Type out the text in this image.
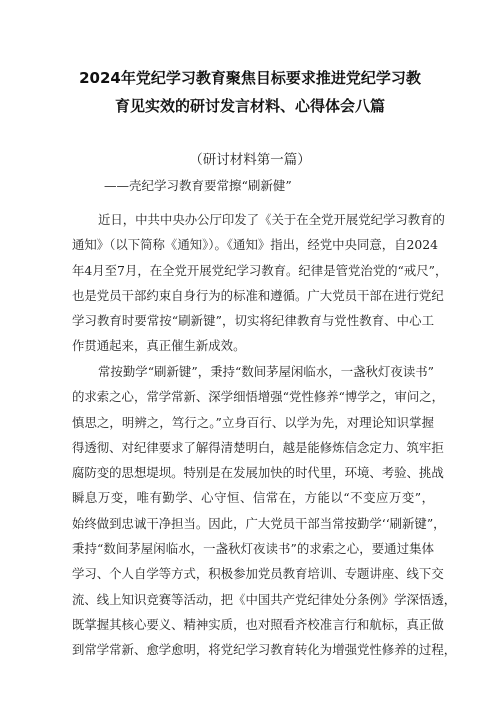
2024年党纪学习教育聚焦目标要求推进党纪学习教
育见实效的研讨发言材料、心得体会八篇
（研讨材料第一篇）
——壳纪学习教育要常擦“刷新健”
近日，中共中央办公厅印发了《关于在全党开展党纪学习教育的
通知》（以下简称《通知》）。《通知》指出，经党中央同意，自2024
年4月至7月，在全党开展党纪学习教育。纪律是管党治党的“戒尺”，
也是党员干部约束自身行为的标准和遵循。广大党员干部在进行党纪
学习教育时要常按“刷新键”，切实将纪律教育与党性教育、中心工
作贯通起来，真正催生新成效。
常按勤学“刷新键”，秉持“数间茅屋闲临水，一盏秋灯夜读书”
的求索之心，常学常新、深学细悟增强“党性修养“博学之，审问之，
慎思之，明辨之，笃行之。”立身百行、以学为先，对理论知识掌握
得透彻、对纪律要求了解得清楚明白，越是能修炼信念定力、筑牢拒
腐防变的思想堤坝。特别是在发展加快的时代里，环境、考验、挑战
瞬息万变，唯有勤学、心守恒、信常在，方能以“不变应万变”，
始终做到忠诚干净担当。因此，广大党员干部当常按勤学‘‘刷新键”，
秉持“数间茅屋闲临水，一盏秋灯夜读书”的求索之心，要通过集体
学习、个人自学等方式，积极参加党员教育培训、专题讲座、线下交
流、线上知识竞赛等活动，把《中国共产党纪律处分条例》学深悟透，
既掌握其核心要义、精神实质，也对照看齐校准言行和航标，真正做
到常学常新、愈学愈明，将党纪学习教育转化为增强党性修养的过程，
